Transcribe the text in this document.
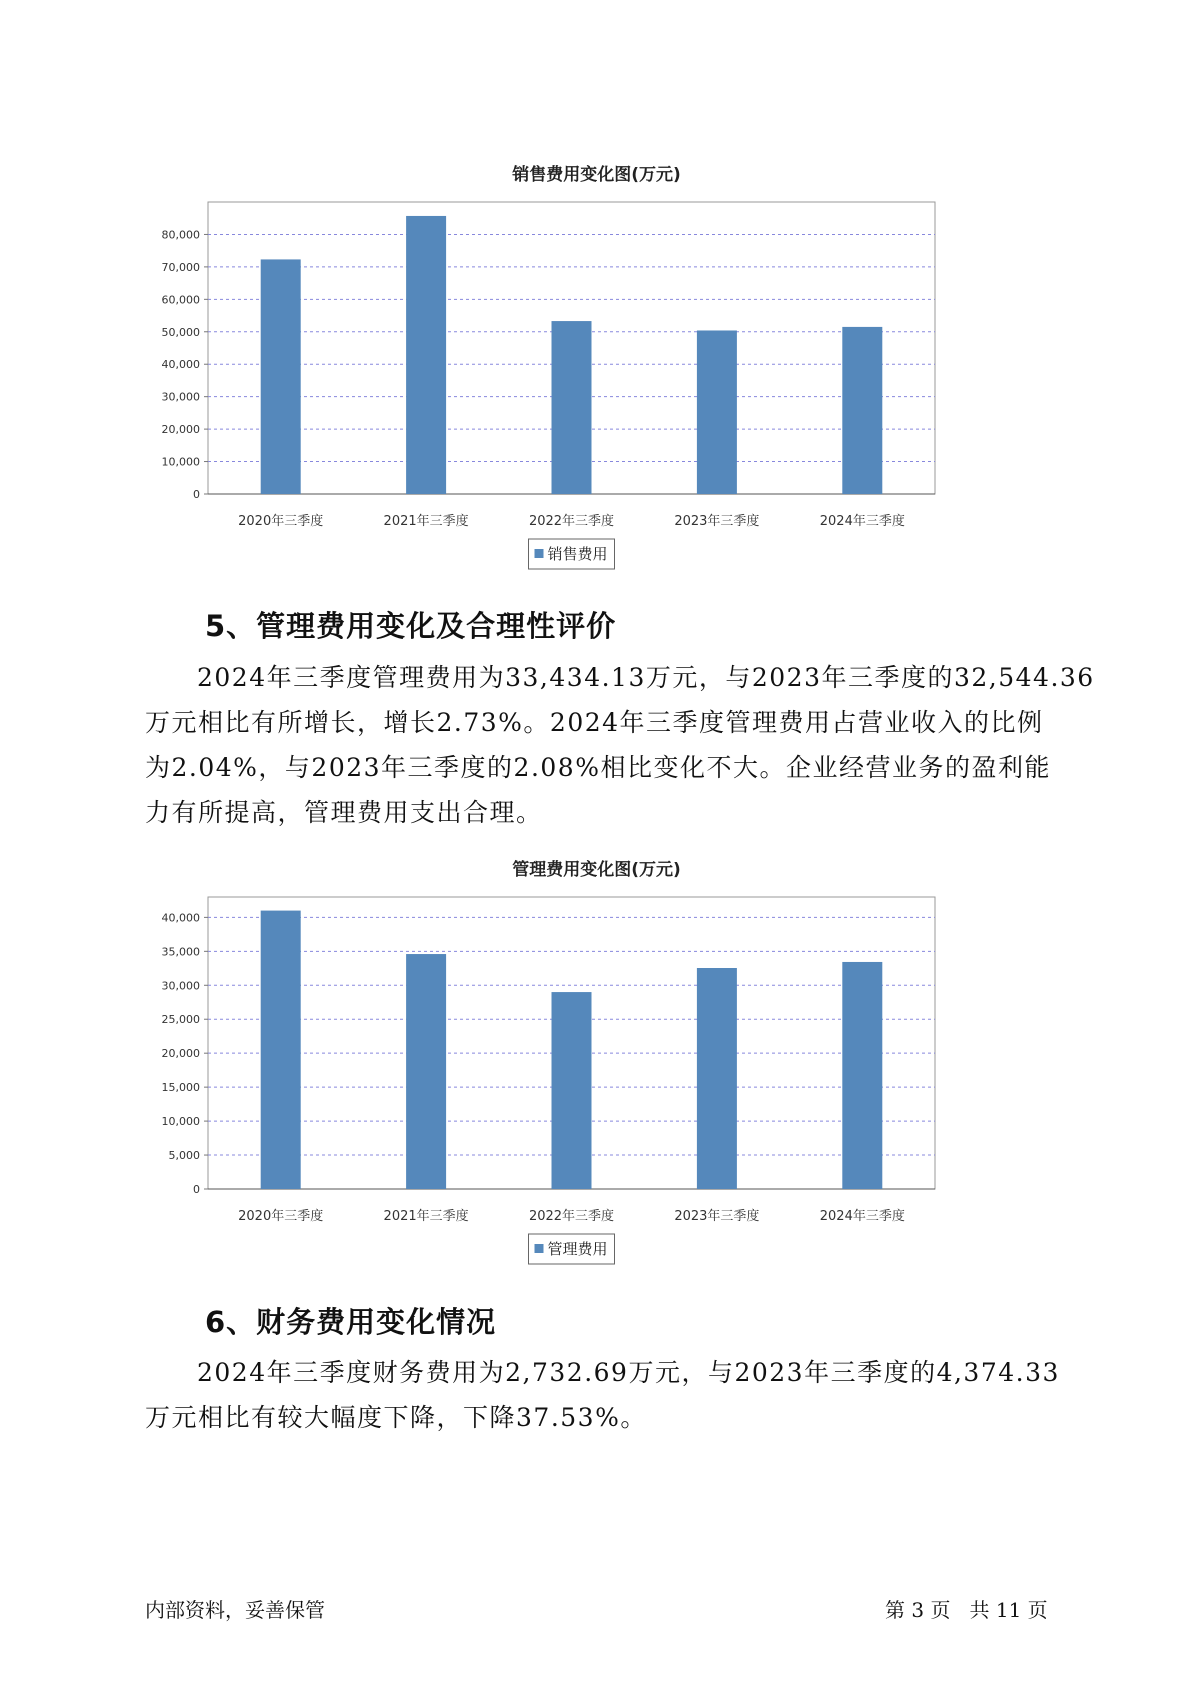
销售费用变化图(万元)
0
10,000
20,000
30,000
40,000
50,000
60,000
70,000
80,000
2020年三季度	2021年三季度	2022年三季度	2023年三季度	2024年三季度
销售费用
5、管理费用变化及合理性评价

2024年三季度管理费用为33,434.13万元，与2023年三季度的32,544.36
万元相比有所增长，增长2.73%。2024年三季度管理费用占营业收入的比例
为2.04%，与2023年三季度的2.08%相比变化不大。企业经营业务的盈利能
力有所提高，管理费用支出合理。

管理费用变化图(万元)
0
5,000
10,000
15,000
20,000
25,000
30,000
35,000
40,000
2020年三季度	2021年三季度	2022年三季度	2023年三季度	2024年三季度
管理费用
6、财务费用变化情况

2024年三季度财务费用为2,732.69万元，与2023年三季度的4,374.33
万元相比有较大幅度下降，下降37.53%。

内部资料，妥善保管	第 3 页   共 11 页
